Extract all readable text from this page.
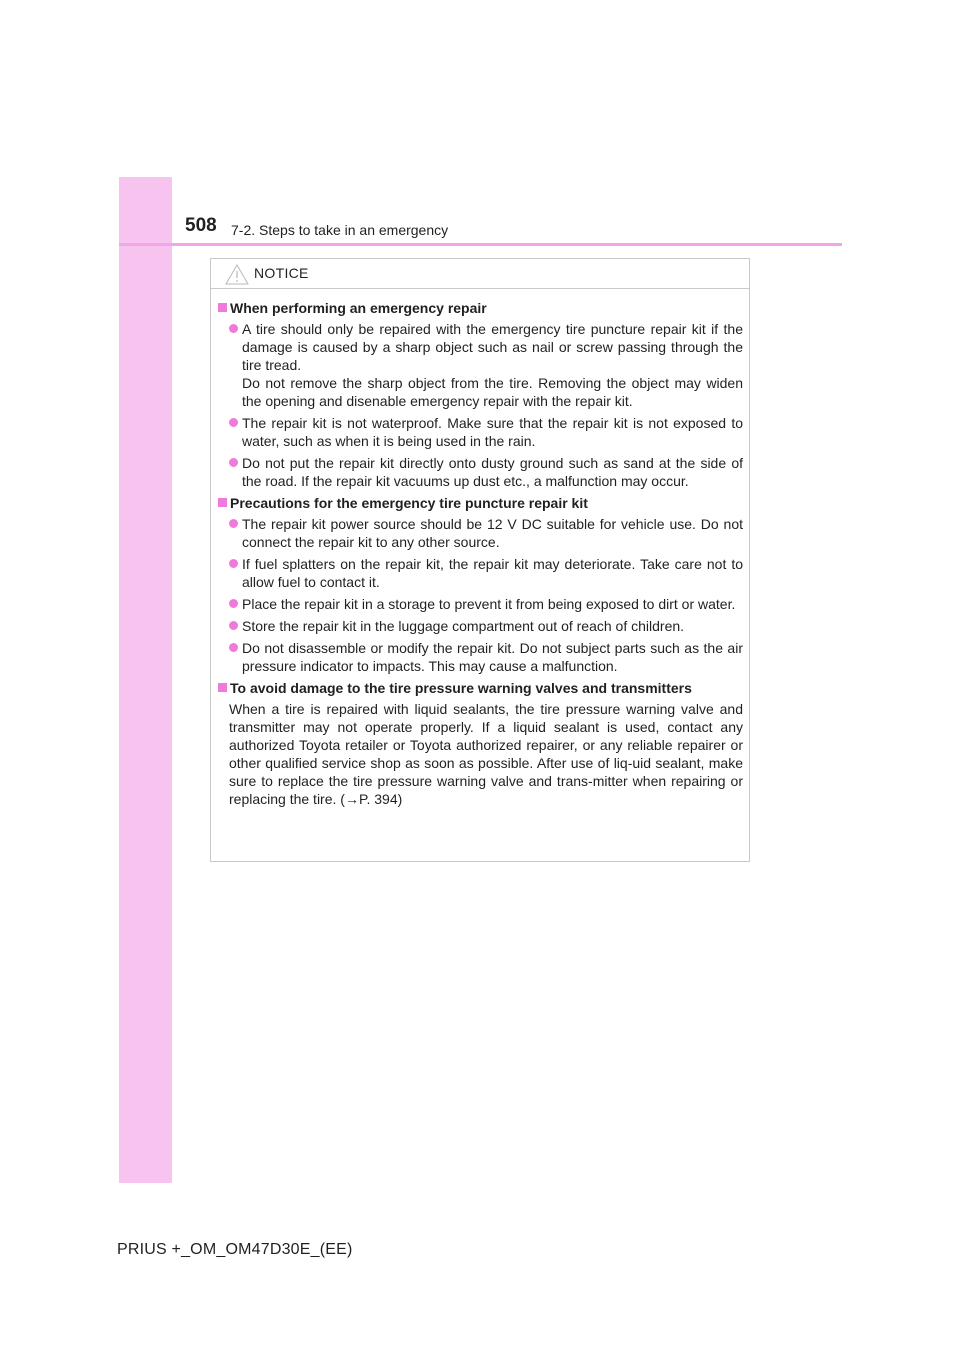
508 7-2. Steps to take in an emergency
NOTICE
When performing an emergency repair
A tire should only be repaired with the emergency tire puncture repair kit if the damage is caused by a sharp object such as nail or screw passing through the tire tread.
Do not remove the sharp object from the tire. Removing the object may widen the opening and disenable emergency repair with the repair kit.
The repair kit is not waterproof. Make sure that the repair kit is not exposed to water, such as when it is being used in the rain.
Do not put the repair kit directly onto dusty ground such as sand at the side of the road. If the repair kit vacuums up dust etc., a malfunction may occur.
Precautions for the emergency tire puncture repair kit
The repair kit power source should be 12 V DC suitable for vehicle use. Do not connect the repair kit to any other source.
If fuel splatters on the repair kit, the repair kit may deteriorate. Take care not to allow fuel to contact it.
Place the repair kit in a storage to prevent it from being exposed to dirt or water.
Store the repair kit in the luggage compartment out of reach of children.
Do not disassemble or modify the repair kit. Do not subject parts such as the air pressure indicator to impacts. This may cause a malfunction.
To avoid damage to the tire pressure warning valves and transmitters
When a tire is repaired with liquid sealants, the tire pressure warning valve and transmitter may not operate properly. If a liquid sealant is used, contact any authorized Toyota retailer or Toyota authorized repairer, or any reliable repairer or other qualified service shop as soon as possible. After use of liq-uid sealant, make sure to replace the tire pressure warning valve and trans-mitter when repairing or replacing the tire. (→P. 394)
PRIUS +_OM_OM47D30E_(EE)
